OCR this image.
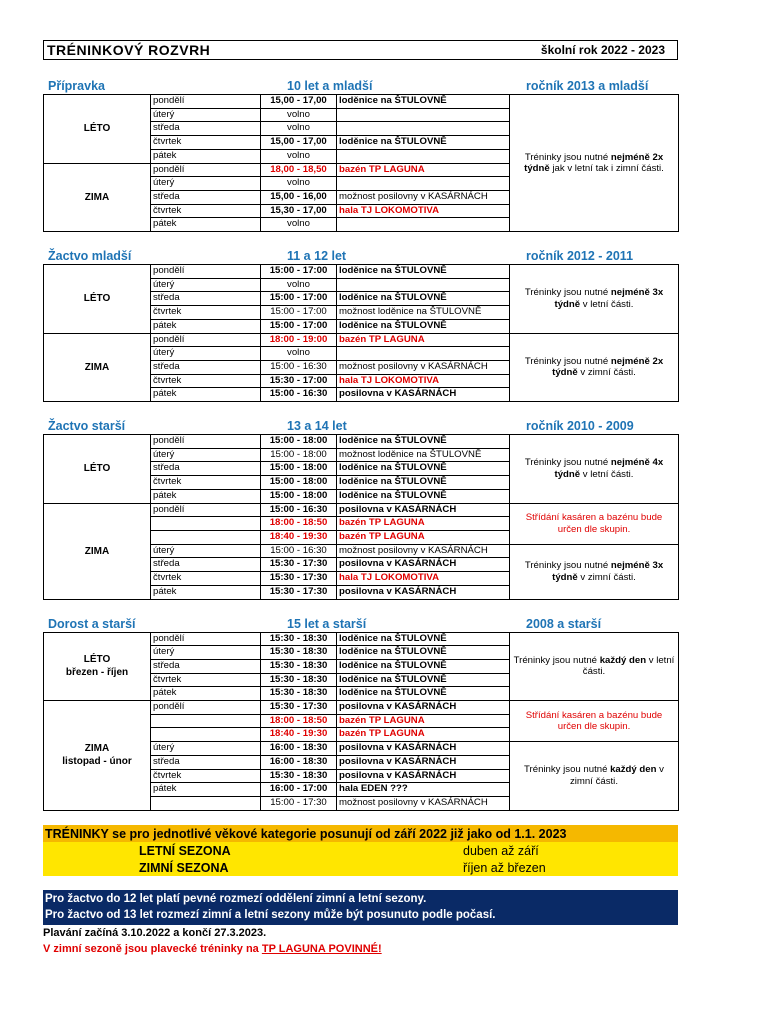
TRÉNINKOVÝ ROZVRH	školní rok 2022 - 2023
Přípravka	10 let a mladší	ročník 2013 a mladší
LÉTO	pondělí	15,00 - 17,00	loděnice na ŠTULOVNĚ	Tréninky jsou nutné nejméně 2x týdně jak v letní tak i zimní části.
	úterý	volno		
	středa	volno		
	čtvrtek	15,00 - 17,00	loděnice na ŠTULOVNĚ	
	pátek	volno		

ZIMA	pondělí	18,00 - 18,50	bazén TP LAGUNA	
	úterý	volno		
	středa	15,00 - 16,00	možnost posilovny v KASÁRNÁCH	
	čtvrtek	15,30 - 17,00	hala TJ LOKOMOTIVA	
	pátek	volno		
Žactvo mladší	11 a 12 let	ročník 2012 - 2011
LÉTO	pondělí	15:00 - 17:00	loděnice na ŠTULOVNĚ	Tréninky jsou nutné nejméně 3x týdně v letní části.
	úterý	volno		
	středa	15:00 - 17:00	loděnice na ŠTULOVNĚ	
	čtvrtek	15:00 - 17:00	možnost loděnice na ŠTULOVNĚ	
	pátek	15:00 - 17:00	loděnice na ŠTULOVNĚ	

ZIMA	pondělí	18:00 - 19:00	bazén TP LAGUNA	Tréninky jsou nutné nejméně 2x týdně v zimní části.
	úterý	volno		
	středa	15:00 - 16:30	možnost posilovny v KASÁRNÁCH	
	čtvrtek	15:30 - 17:00	hala TJ LOKOMOTIVA	
	pátek	15:00 - 16:30	posilovna v KASÁRNÁCH	
Žactvo starší	13 a 14 let	ročník 2010 - 2009
LÉTO	pondělí	15:00 - 18:00	loděnice na ŠTULOVNĚ	Tréninky jsou nutné nejméně 4x týdně v letní části.
	úterý	15:00 - 18:00	možnost loděnice na ŠTULOVNĚ	
	středa	15:00 - 18:00	loděnice na ŠTULOVNĚ	
	čtvrtek	15:00 - 18:00	loděnice na ŠTULOVNĚ	
	pátek	15:00 - 18:00	loděnice na ŠTULOVNĚ	

ZIMA	pondělí	15:00 - 16:30	posilovna v KASÁRNÁCH	Střídání kasáren a bazénu bude určen dle skupin.
		18:00 - 18:50	bazén TP LAGUNA	
		18:40 - 19:30	bazén TP LAGUNA	
	úterý	15:00 - 16:30	možnost posilovny v KASÁRNÁCH	Tréninky jsou nutné nejméně 3x týdně v zimní části.
	středa	15:30 - 17:30	posilovna v KASÁRNÁCH	
	čtvrtek	15:30 - 17:30	hala TJ LOKOMOTIVA	
	pátek	15:30 - 17:30	posilovna v KASÁRNÁCH	
Dorost a starší	15 let a starší	2008 a starší
LÉTO
březen - říjen	pondělí	15:30 - 18:30	loděnice na ŠTULOVNĚ	Tréninky jsou nutné každý den v letní části.
	úterý	15:30 - 18:30	loděnice na ŠTULOVNĚ	
	středa	15:30 - 18:30	loděnice na ŠTULOVNĚ	
	čtvrtek	15:30 - 18:30	loděnice na ŠTULOVNĚ	
	pátek	15:30 - 18:30	loděnice na ŠTULOVNĚ	

ZIMA
listopad - únor	pondělí	15:30 - 17:30	posilovna v KASÁRNÁCH	Střídání kasáren a bazénu bude určen dle skupin.
		18:00 - 18:50	bazén TP LAGUNA	
		18:40 - 19:30	bazén TP LAGUNA	
	úterý	16:00 - 18:30	posilovna v KASÁRNÁCH	Tréninky jsou nutné každý den v zimní části.
	středa	16:00 - 18:30	posilovna v KASÁRNÁCH	
	čtvrtek	15:30 - 18:30	posilovna v KASÁRNÁCH	
	pátek	16:00 - 17:00	hala EDEN ???	
		15:00 - 17:30	možnost posilovny v KASÁRNÁCH	
TRÉNINKY se pro jednotlivé věkové kategorie posunují od září 2022 již jako od 1.1. 2023
LETNÍ SEZONA	duben až září
ZIMNÍ SEZONA	říjen až březen
Pro žactvo do 12 let platí pevné rozmezí oddělení zimní a letní sezony.
Pro žactvo od 13 let rozmezí zimní a letní sezony může být posunuto podle počasí.
Plavání začíná 3.10.2022 a končí 27.3.2023.
V zimní sezoně jsou plavecké tréninky na TP LAGUNA POVINNÉ!
